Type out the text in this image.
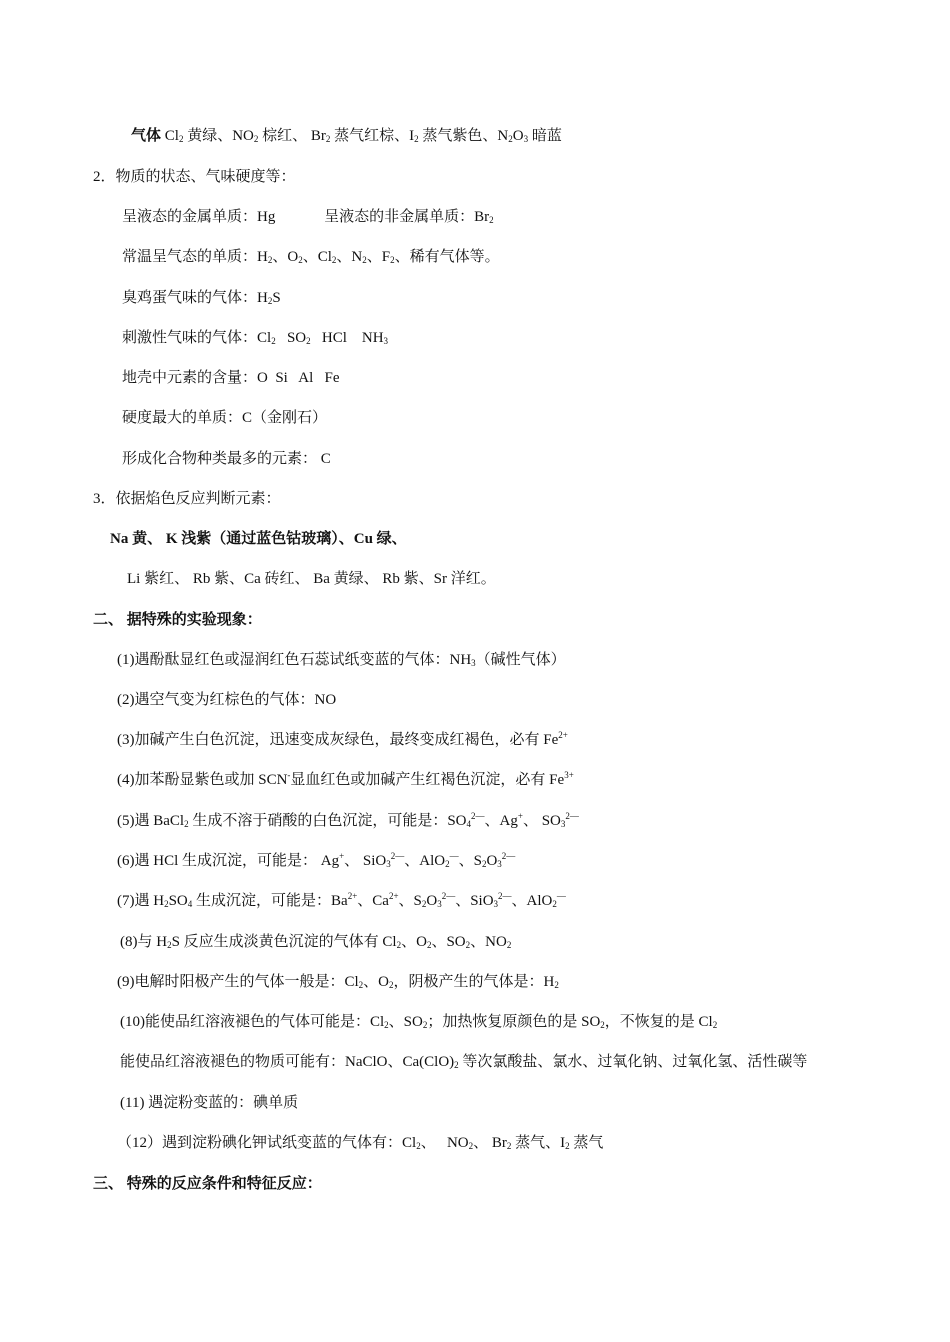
气体 $Cl_2$ 黄绿、$NO_2$ 棕红、 $Br_2$ 蒸气红棕、$I_2$ 蒸气紫色、$N_2O_3$ 暗蓝
2．物质的状态、气味硬度等：
呈液态的金属单质：Hg　　　 呈液态的非金属单质：$Br_2$
常温呈气态的单质：$H_2$、$O_2$、$Cl_2$、$N_2$、$F_2$、稀有气体等。
臭鸡蛋气味的气体：$H_2S$
刺激性气味的气体：$Cl_2$   $SO_2$   HCl    $NH_3$
地壳中元素的含量：O  Si   Al   Fe
硬度最大的单质：C（金刚石）
形成化合物种类最多的元素： C
3．依据焰色反应判断元素：
Na 黄、 K 浅紫（通过蓝色钴玻璃）、Cu 绿、
Li 紫红、 Rb 紫、Ca 砖红、 Ba 黄绿、 Rb 紫、Sr 洋红。
二、 据特殊的实验现象：
(1)遇酚酞显红色或湿润红色石蕊试纸变蓝的气体：$NH_3$（碱性气体）
(2)遇空气变为红棕色的气体：NO
(3)加碱产生白色沉淀，迅速变成灰绿色，最终变成红褐色，必有 $Fe^{2+}$
(4)加苯酚显紫色或加 SCN-显血红色或加碱产生红褐色沉淀，必有 $Fe^{3+}$
(5)遇 BaCl$_2$ 生成不溶于硝酸的白色沉淀，可能是：$SO_4^{2—}$、Ag+、 $SO_3^{2—}$
(6)遇 HCl 生成沉淀，可能是： Ag+、 SiO$_3^{2—}$、AlO$_2$—、$S_2O_3^{2—}$
(7)遇 $H_2SO_4$ 生成沉淀，可能是：$Ba^{2+}$、$Ca^{2+}$、$S_2O_3^{2—}$、SiO$_3^{2—}$、AlO$_2$—
(8)与 $H_2S$ 反应生成淡黄色沉淀的气体有 $Cl_2$、$O_2$、$SO_2$、$NO_2$
(9)电解时阳极产生的气体一般是：$Cl_2$、$O_2$，阴极产生的气体是：$H_2$
(10)能使品红溶液褪色的气体可能是：$Cl_2$、$SO_2$；加热恢复原颜色的是 $SO_2$，不恢复的是 $Cl_2$
能使品红溶液褪色的物质可能有：NaClO、$Ca(ClO)_2$ 等次氯酸盐、氯水、过氧化钠、过氧化氢、活性碳等
(11) 遇淀粉变蓝的：碘单质
（12）遇到淀粉碘化钾试纸变蓝的气体有：$Cl_2$、   $NO_2$、 $Br_2$ 蒸气、$I_2$ 蒸气
三、 特殊的反应条件和特征反应：
